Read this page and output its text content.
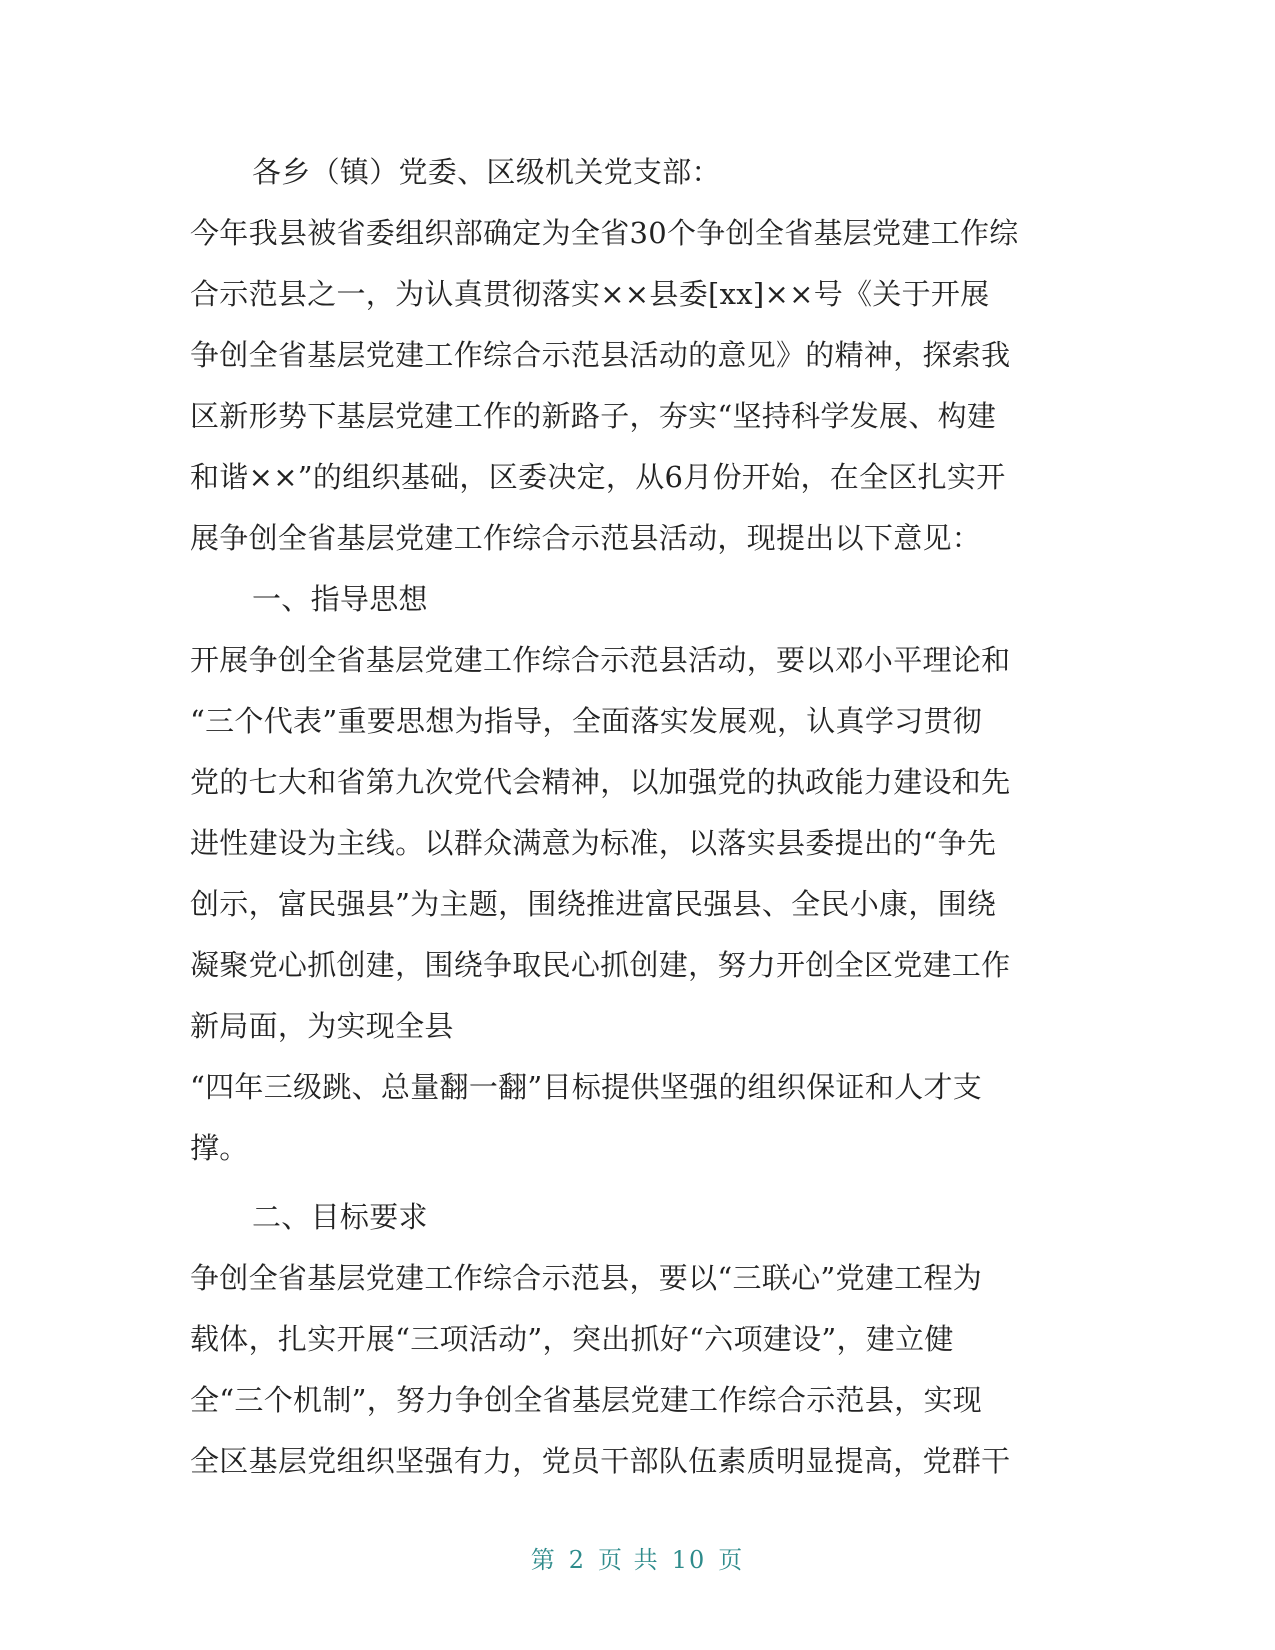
各乡（镇）党委、区级机关党支部：
今年我县被省委组织部确定为全省30个争创全省基层党建工作综
合示范县之一，为认真贯彻落实××县委[xx]××号《关于开展
争创全省基层党建工作综合示范县活动的意见》的精神，探索我
区新形势下基层党建工作的新路子，夯实“坚持科学发展、构建
和谐××”的组织基础，区委决定，从6月份开始，在全区扎实开
展争创全省基层党建工作综合示范县活动，现提出以下意见：
一、指导思想
开展争创全省基层党建工作综合示范县活动，要以邓小平理论和
“三个代表”重要思想为指导，全面落实发展观，认真学习贯彻
党的七大和省第九次党代会精神，以加强党的执政能力建设和先
进性建设为主线。以群众满意为标准，以落实县委提出的“争先
创示，富民强县”为主题，围绕推进富民强县、全民小康，围绕
凝聚党心抓创建，围绕争取民心抓创建，努力开创全区党建工作
新局面，为实现全县
“四年三级跳、总量翻一翻”目标提供坚强的组织保证和人才支
撑。
二、目标要求
争创全省基层党建工作综合示范县，要以“三联心”党建工程为
载体，扎实开展“三项活动”，突出抓好“六项建设”，建立健
全“三个机制”，努力争创全省基层党建工作综合示范县，实现
全区基层党组织坚强有力，党员干部队伍素质明显提高，党群干
第 2 页 共 10 页
